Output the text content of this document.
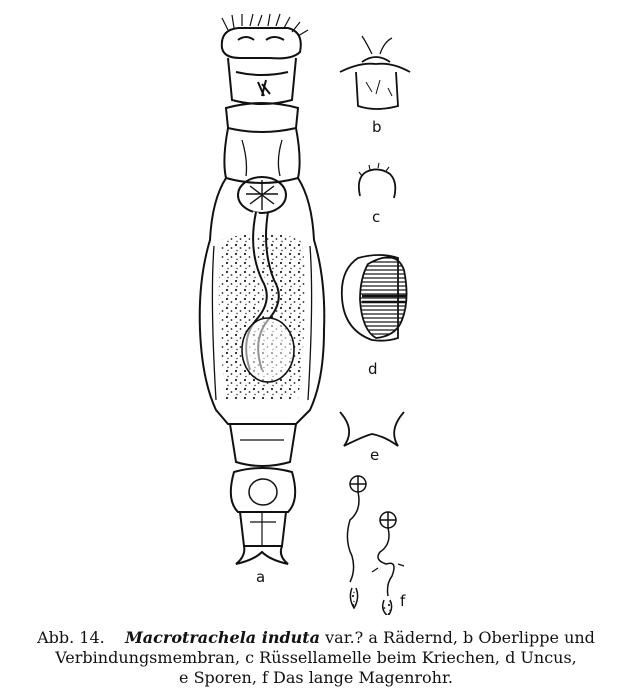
a
b
c
d
e
f
Abb. 14. Macrotrachela induta var.? a Rädernd, b Oberlippe und
Verbindungsmembran, c Rüssellamelle beim Kriechen, d Uncus,
e Sporen, f Das lange Magenrohr.
